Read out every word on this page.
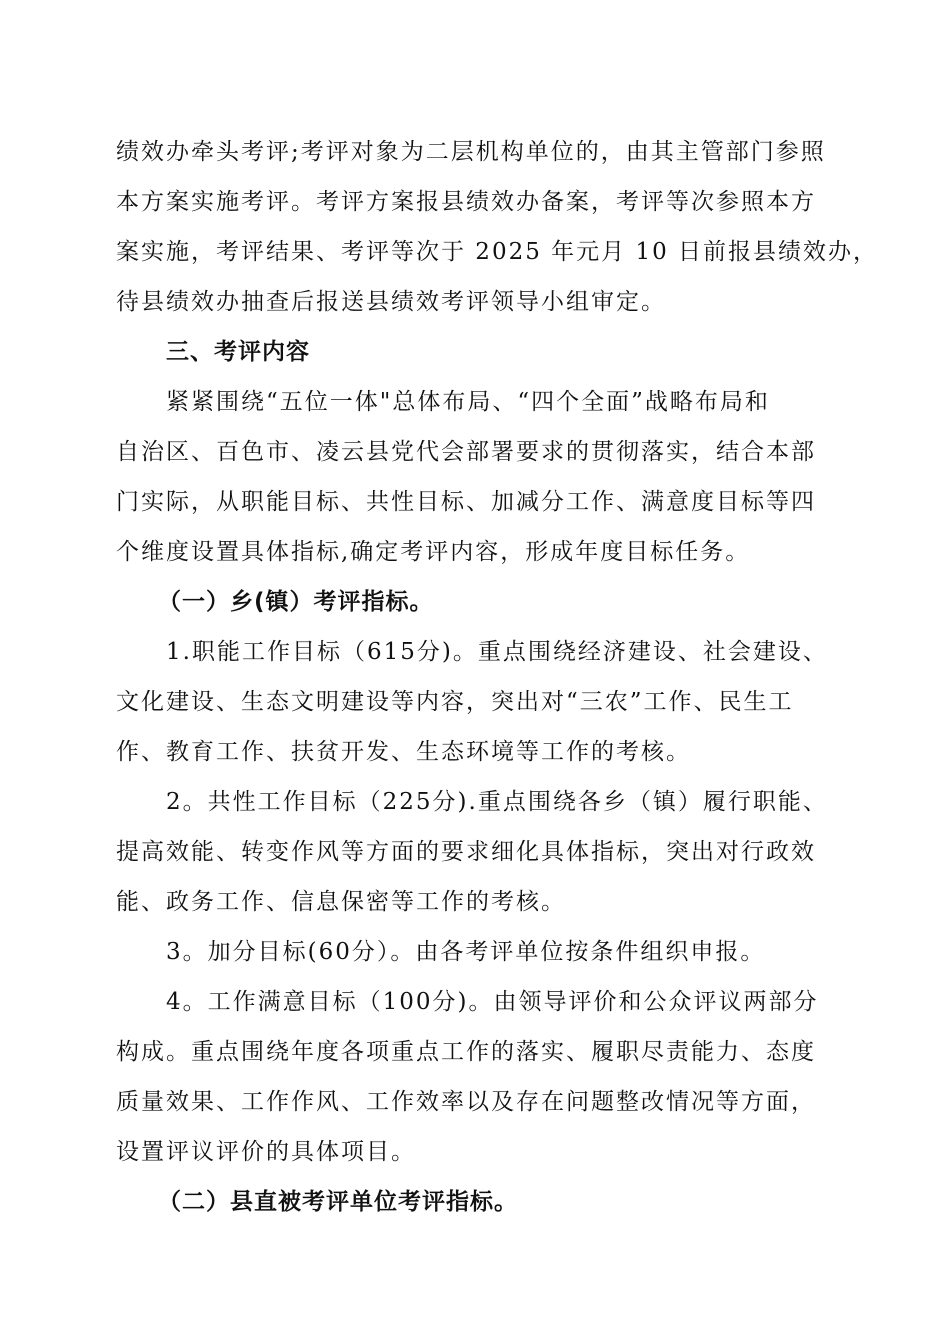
绩效办牵头考评;考评对象为二层机构单位的，由其主管部门参照
本方案实施考评。考评方案报县绩效办备案，考评等次参照本方
案实施，考评结果、考评等次于 2025 年元月 10 日前报县绩效办，
待县绩效办抽查后报送县绩效考评领导小组审定。
三、考评内容
紧紧围绕“五位一体"总体布局、“四个全面”战略布局和
自治区、百色市、凌云县党代会部署要求的贯彻落实，结合本部
门实际，从职能目标、共性目标、加减分工作、满意度目标等四
个维度设置具体指标,确定考评内容，形成年度目标任务。
（一）乡(镇）考评指标。
1.职能工作目标（615分)。重点围绕经济建设、社会建设、
文化建设、生态文明建设等内容，突出对“三农”工作、民生工
作、教育工作、扶贫开发、生态环境等工作的考核。
2。共性工作目标（225分).重点围绕各乡（镇）履行职能、
提高效能、转变作风等方面的要求细化具体指标，突出对行政效
能、政务工作、信息保密等工作的考核。
3。加分目标(60分）。由各考评单位按条件组织申报。
4。工作满意目标（100分)。由领导评价和公众评议两部分
构成。重点围绕年度各项重点工作的落实、履职尽责能力、态度
质量效果、工作作风、工作效率以及存在问题整改情况等方面，
设置评议评价的具体项目。
（二）县直被考评单位考评指标。
